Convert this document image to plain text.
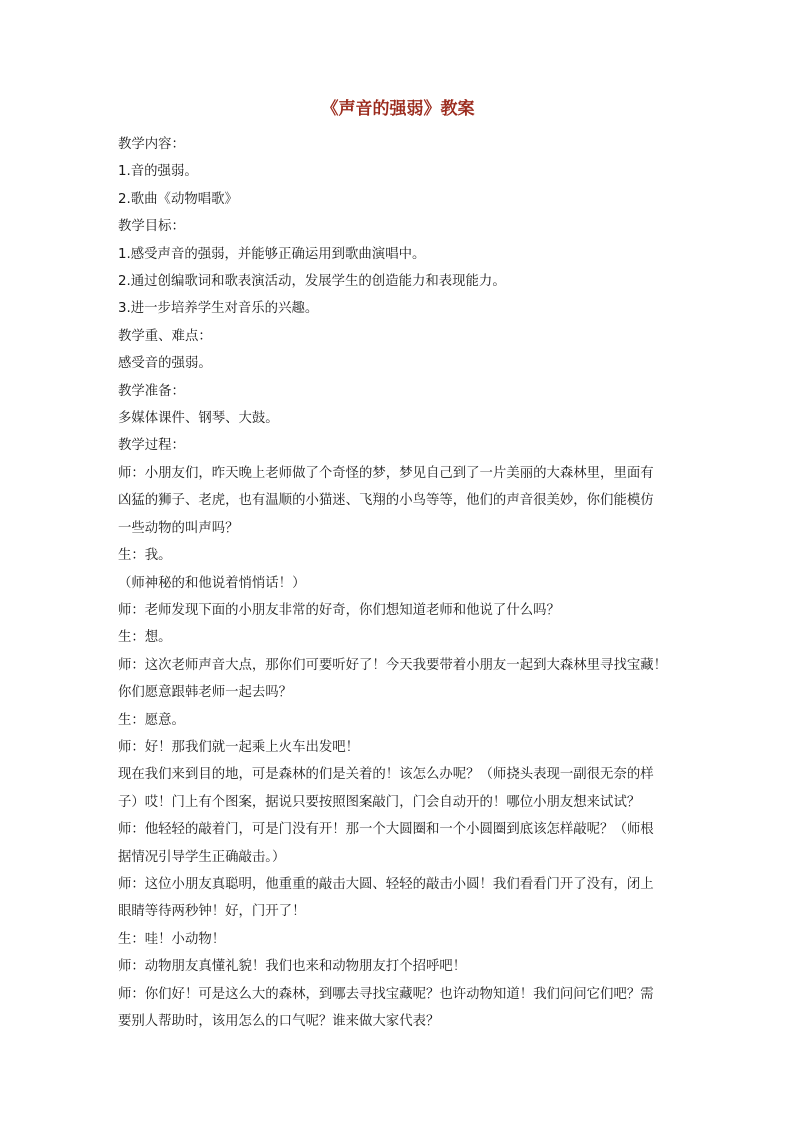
《声音的强弱》教案

教学内容：

1.音的强弱。

2.歌曲《动物唱歌》

教学目标：

1.感受声音的强弱，并能够正确运用到歌曲演唱中。

2.通过创编歌词和歌表演活动，发展学生的创造能力和表现能力。

3.进一步培养学生对音乐的兴趣。

教学重、难点：

感受音的强弱。

教学准备：

多媒体课件、钢琴、大鼓。

教学过程：

师：小朋友们，昨天晚上老师做了个奇怪的梦，梦见自己到了一片美丽的大森林里，里面有

凶猛的狮子、老虎，也有温顺的小猫迷、飞翔的小鸟等等，他们的声音很美妙，你们能模仿

一些动物的叫声吗？

生：我。

（师神秘的和他说着悄悄话！）

师：老师发现下面的小朋友非常的好奇，你们想知道老师和他说了什么吗？

生：想。

师：这次老师声音大点，那你们可要听好了！今天我要带着小朋友一起到大森林里寻找宝藏！

你们愿意跟韩老师一起去吗？

生：愿意。

师：好！那我们就一起乘上火车出发吧！

现在我们来到目的地，可是森林的们是关着的！该怎么办呢？（师挠头表现一副很无奈的样

子）哎！门上有个图案，据说只要按照图案敲门，门会自动开的！哪位小朋友想来试试？

师：他轻轻的敲着门，可是门没有开！那一个大圆圈和一个小圆圈到底该怎样敲呢？（师根

据情况引导学生正确敲击。）

师：这位小朋友真聪明，他重重的敲击大圆、轻轻的敲击小圆！我们看看门开了没有，闭上

眼睛等待两秒钟！好，门开了！

生：哇！小动物！

师：动物朋友真懂礼貌！我们也来和动物朋友打个招呼吧！

师：你们好！可是这么大的森林，到哪去寻找宝藏呢？也许动物知道！我们问问它们吧？需

要别人帮助时，该用怎么的口气呢？谁来做大家代表？
